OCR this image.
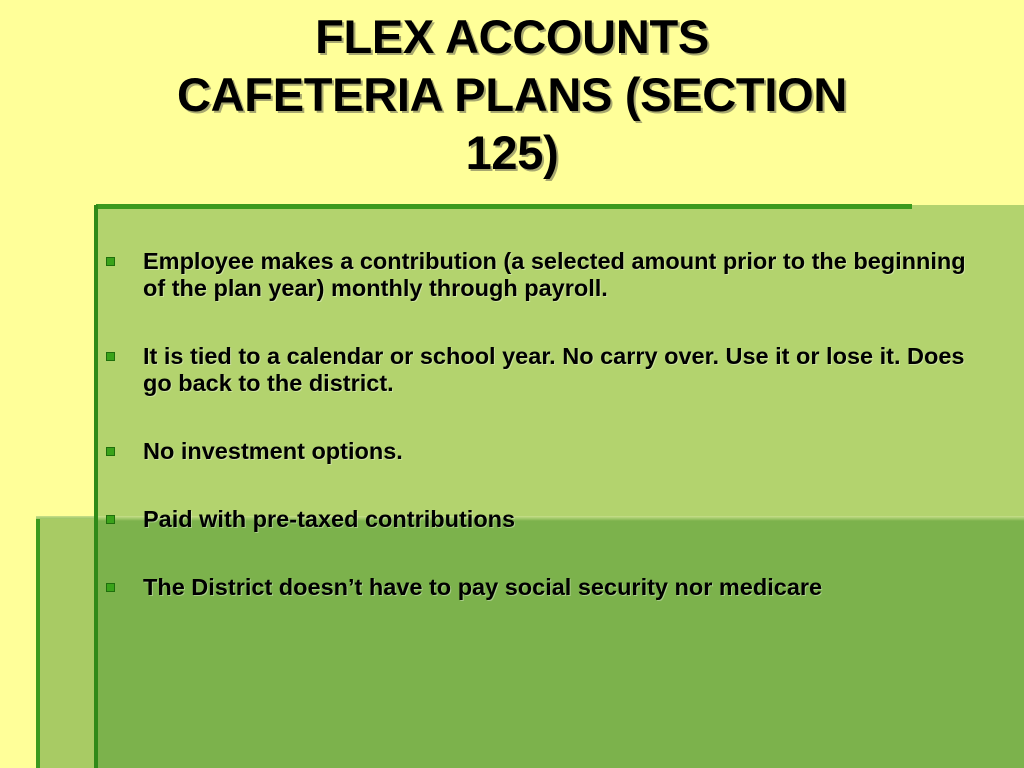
FLEX ACCOUNTS
CAFETERIA PLANS (SECTION
125)
Employee makes a contribution (a selected amount prior to the beginning of the plan year) monthly through payroll.
It is tied to a calendar or school year. No carry over. Use it or lose it. Does go back to the district.
No investment options.
Paid with pre-taxed contributions
The District doesn’t have to pay social security nor medicare
